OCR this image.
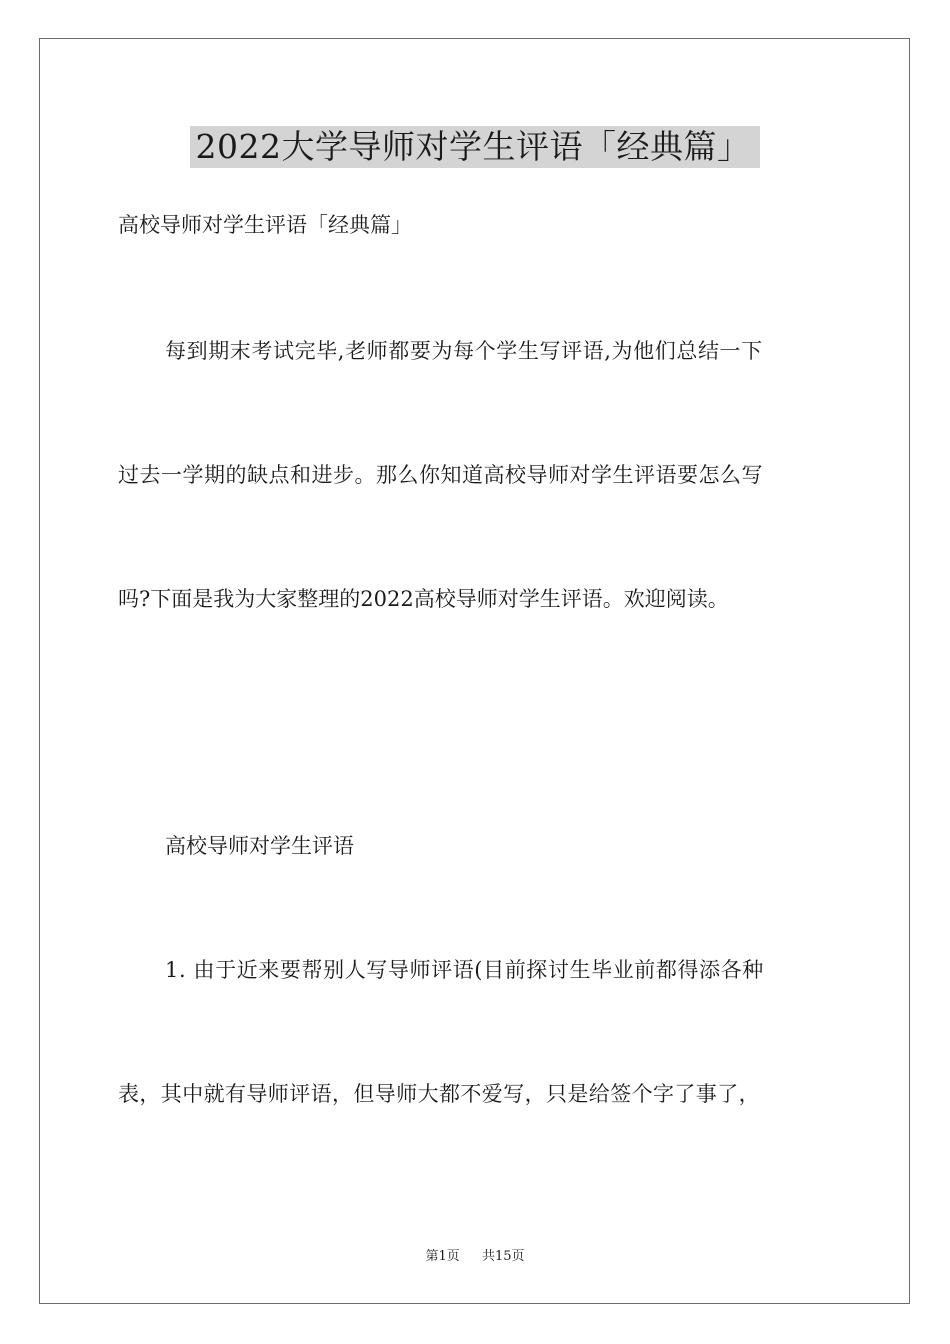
2022大学导师对学生评语「经典篇」
高校导师对学生评语「经典篇」
每到期末考试完毕,老师都要为每个学生写评语,为他们总结一下
过去一学期的缺点和进步。那么你知道高校导师对学生评语要怎么写
吗?下面是我为大家整理的2022高校导师对学生评语。欢迎阅读。
高校导师对学生评语
1. 由于近来要帮别人写导师评语(目前探讨生毕业前都得添各种
表，其中就有导师评语，但导师大都不爱写，只是给签个字了事了，
第1页 共15页
